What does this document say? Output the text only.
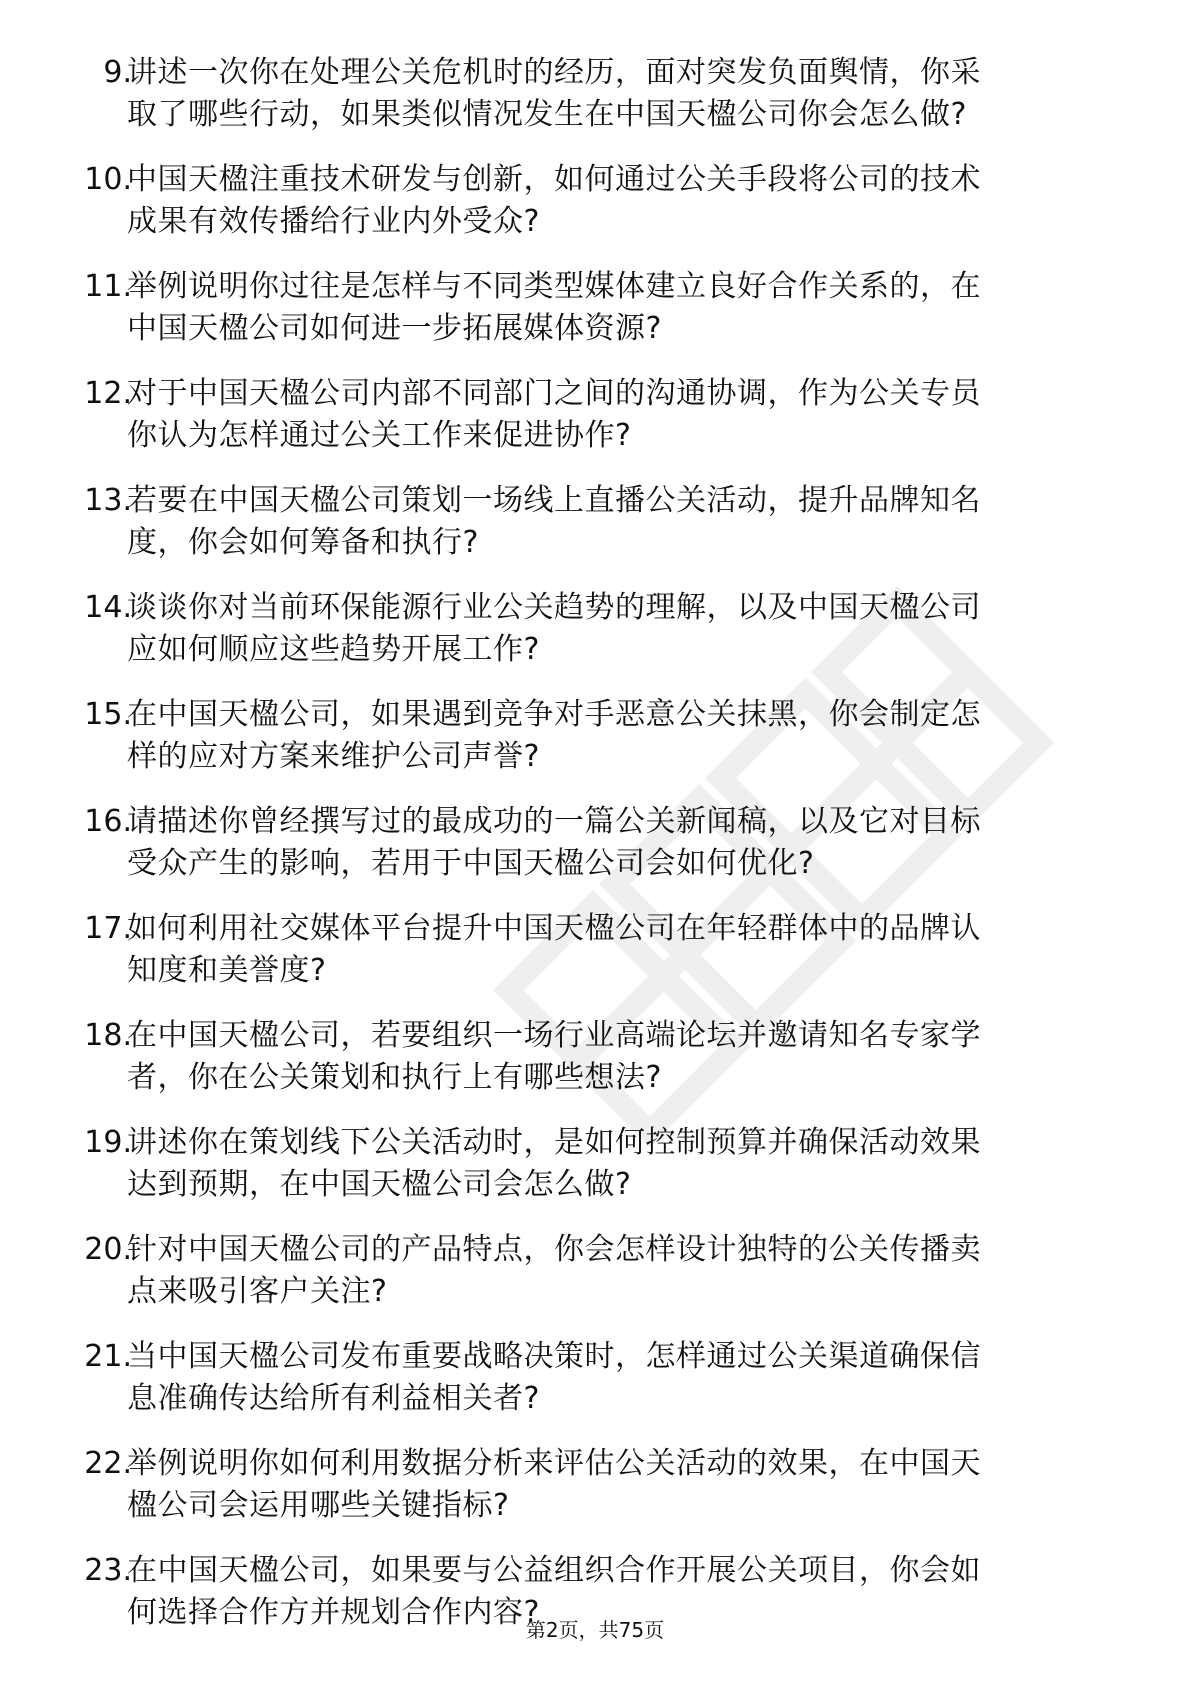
9.
讲述一次你在处理公关危机时的经历，面对突发负面舆情，你采
取了哪些行动，如果类似情况发生在中国天楹公司你会怎么做?
10.
中国天楹注重技术研发与创新，如何通过公关手段将公司的技术
成果有效传播给行业内外受众?
11.
举例说明你过往是怎样与不同类型媒体建立良好合作关系的，在
中国天楹公司如何进一步拓展媒体资源?
12.
对于中国天楹公司内部不同部门之间的沟通协调，作为公关专员
你认为怎样通过公关工作来促进协作?
13.
若要在中国天楹公司策划一场线上直播公关活动，提升品牌知名
度，你会如何筹备和执行?
14.
谈谈你对当前环保能源行业公关趋势的理解，以及中国天楹公司
应如何顺应这些趋势开展工作?
15.
在中国天楹公司，如果遇到竞争对手恶意公关抹黑，你会制定怎
样的应对方案来维护公司声誉?
16.
请描述你曾经撰写过的最成功的一篇公关新闻稿，以及它对目标
受众产生的影响，若用于中国天楹公司会如何优化?
17.
如何利用社交媒体平台提升中国天楹公司在年轻群体中的品牌认
知度和美誉度?
18.
在中国天楹公司，若要组织一场行业高端论坛并邀请知名专家学
者，你在公关策划和执行上有哪些想法?
19.
讲述你在策划线下公关活动时，是如何控制预算并确保活动效果
达到预期，在中国天楹公司会怎么做?
20.
针对中国天楹公司的产品特点，你会怎样设计独特的公关传播卖
点来吸引客户关注?
21.
当中国天楹公司发布重要战略决策时，怎样通过公关渠道确保信
息准确传达给所有利益相关者?
22.
举例说明你如何利用数据分析来评估公关活动的效果，在中国天
楹公司会运用哪些关键指标?
23.
在中国天楹公司，如果要与公益组织合作开展公关项目，你会如
何选择合作方并规划合作内容?
第2页，共75页
